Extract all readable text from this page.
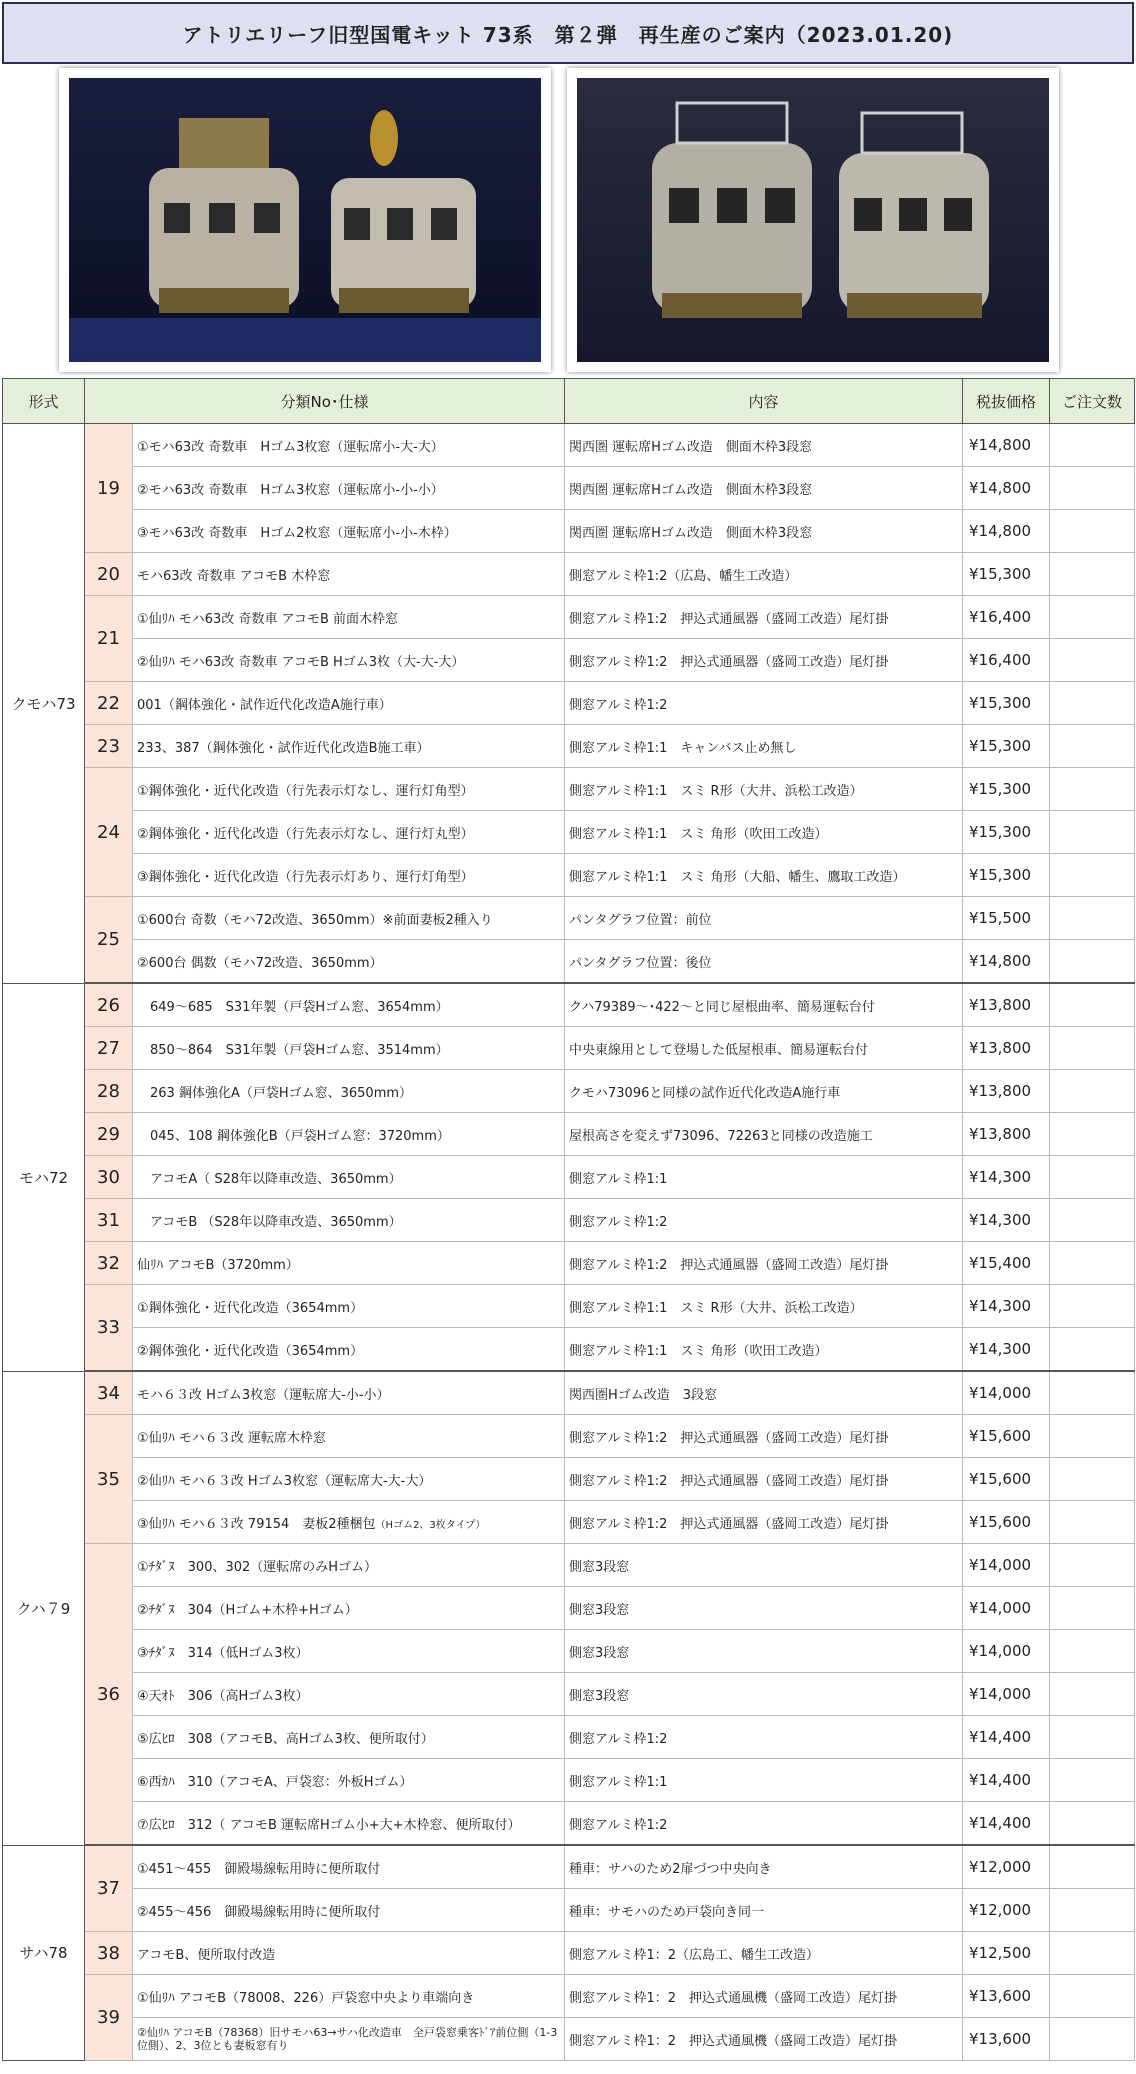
アトリエリーフ旧型国電キット 73系　第２弾　再生産のご案内（2023.01.20)
形式	分類No･仕様		内容	税抜価格	ご注文数
クモハ73	19	①モハ63改 奇数車　Hゴム3枚窓（運転席小-大-大）	関西圏 運転席Hゴム改造　側面木枠3段窓	¥14,800	
		②モハ63改 奇数車　Hゴム3枚窓（運転席小-小-小）	関西圏 運転席Hゴム改造　側面木枠3段窓	¥14,800	
		③モハ63改 奇数車　Hゴム2枚窓（運転席小-小-木枠）	関西圏 運転席Hゴム改造　側面木枠3段窓	¥14,800	
	20	モハ63改 奇数車 アコモB 木枠窓	側窓アルミ枠1:2（広島、幡生工改造）	¥15,300	
	21	①仙ﾘﾊ モハ63改 奇数車 アコモB 前面木枠窓	側窓アルミ枠1:2　押込式通風器（盛岡工改造）尾灯掛	¥16,400	
		②仙ﾘﾊ モハ63改 奇数車 アコモB Hゴム3枚（大-大-大）	側窓アルミ枠1:2　押込式通風器（盛岡工改造）尾灯掛	¥16,400	
	22	001（鋼体強化・試作近代化改造A施行車）	側窓アルミ枠1:2	¥15,300	
	23	233、387（鋼体強化・試作近代化改造B施工車）	側窓アルミ枠1:1　キャンバス止め無し	¥15,300	
	24	①鋼体強化・近代化改造（行先表示灯なし、運行灯角型）	側窓アルミ枠1:1　スミ R形（大井、浜松工改造）	¥15,300	
		②鋼体強化・近代化改造（行先表示灯なし、運行灯丸型）	側窓アルミ枠1:1　スミ 角形（吹田工改造）	¥15,300	
		③鋼体強化・近代化改造（行先表示灯あり、運行灯角型）	側窓アルミ枠1:1　スミ 角形（大船、幡生、鷹取工改造）	¥15,300	
	25	①600台 奇数（モハ72改造、3650mm）※前面妻板2種入り	パンタグラフ位置：前位	¥15,500	
		②600台 偶数（モハ72改造、3650mm）	パンタグラフ位置：後位	¥14,800	
モハ72	26	　649～685　S31年製（戸袋Hゴム窓、3654mm）	クハ79389～･422～と同じ屋根曲率、簡易運転台付	¥13,800	
	27	　850～864　S31年製（戸袋Hゴム窓、3514mm）	中央東線用として登場した低屋根車、簡易運転台付	¥13,800	
	28	　263 鋼体強化A（戸袋Hゴム窓、3650mm）	クモハ73096と同様の試作近代化改造A施行車	¥13,800	
	29	　045、108 鋼体強化B（戸袋Hゴム窓：3720mm）	屋根高さを変えず73096、72263と同様の改造施工	¥13,800	
	30	　アコモA（ S28年以降車改造、3650mm）	側窓アルミ枠1:1	¥14,300	
	31	　アコモB （S28年以降車改造、3650mm）	側窓アルミ枠1:2	¥14,300	
	32	仙ﾘﾊ アコモB（3720mm）	側窓アルミ枠1:2　押込式通風器（盛岡工改造）尾灯掛	¥15,400	
	33	①鋼体強化・近代化改造（3654mm）	側窓アルミ枠1:1　スミ R形（大井、浜松工改造）	¥14,300	
		②鋼体強化・近代化改造（3654mm）	側窓アルミ枠1:1　スミ 角形（吹田工改造）	¥14,300	
クハ７9	34	モハ６３改 Hゴム3枚窓（運転席大-小-小）	関西圏Hゴム改造　3段窓	¥14,000	
	35	①仙ﾘﾊ モハ６３改 運転席木枠窓	側窓アルミ枠1:2　押込式通風器（盛岡工改造）尾灯掛	¥15,600	
		②仙ﾘﾊ モハ６３改 Hゴム3枚窓（運転席大-大-大）	側窓アルミ枠1:2　押込式通風器（盛岡工改造）尾灯掛	¥15,600	
		③仙ﾘﾊ モハ６３改 79154　妻板2種梱包（Hゴム2、3枚タイプ）	側窓アルミ枠1:2　押込式通風器（盛岡工改造）尾灯掛	¥15,600	
	36	①ﾁﾀﾞﾇ　300、302（運転席のみHゴム）	側窓3段窓	¥14,000	
		②ﾁﾀﾞﾇ　304（Hゴム+木枠+Hゴム）	側窓3段窓	¥14,000	
		③ﾁﾀﾞﾇ　314（低Hゴム3枚）	側窓3段窓	¥14,000	
		④天ｵﾄ　306（高Hゴム3枚）	側窓3段窓	¥14,000	
		⑤広ﾋﾛ　308（アコモB、高Hゴム3枚、便所取付）	側窓アルミ枠1:2	¥14,400	
		⑥西ｶﾊ　310（アコモA、戸袋窓：外板Hゴム）	側窓アルミ枠1:1	¥14,400	
		⑦広ﾋﾛ　312（ アコモB 運転席Hゴム小+大+木枠窓、便所取付）	側窓アルミ枠1:2	¥14,400	
サハ78	37	①451～455　御殿場線転用時に便所取付	種車：サハのため2扉づつ中央向き	¥12,000	
		②455～456　御殿場線転用時に便所取付	種車：サモハのため戸袋向き同一	¥12,000	
	38	アコモB、便所取付改造	側窓アルミ枠1：2（広島工、幡生工改造）	¥12,500	
	39	①仙ﾘﾊ アコモB（78008、226）戸袋窓中央より車端向き	側窓アルミ枠1：2　押込式通風機（盛岡工改造）尾灯掛	¥13,600	

		②仙ﾘﾊ アコモB（78368）旧サモハ63→サハ化改造車　全戸袋窓乗客ﾄﾞｱ前位側（1-3位側）、2、3位とも妻板窓有り	側窓アルミ枠1：2　押込式通風機（盛岡工改造）尾灯掛	¥13,600	
